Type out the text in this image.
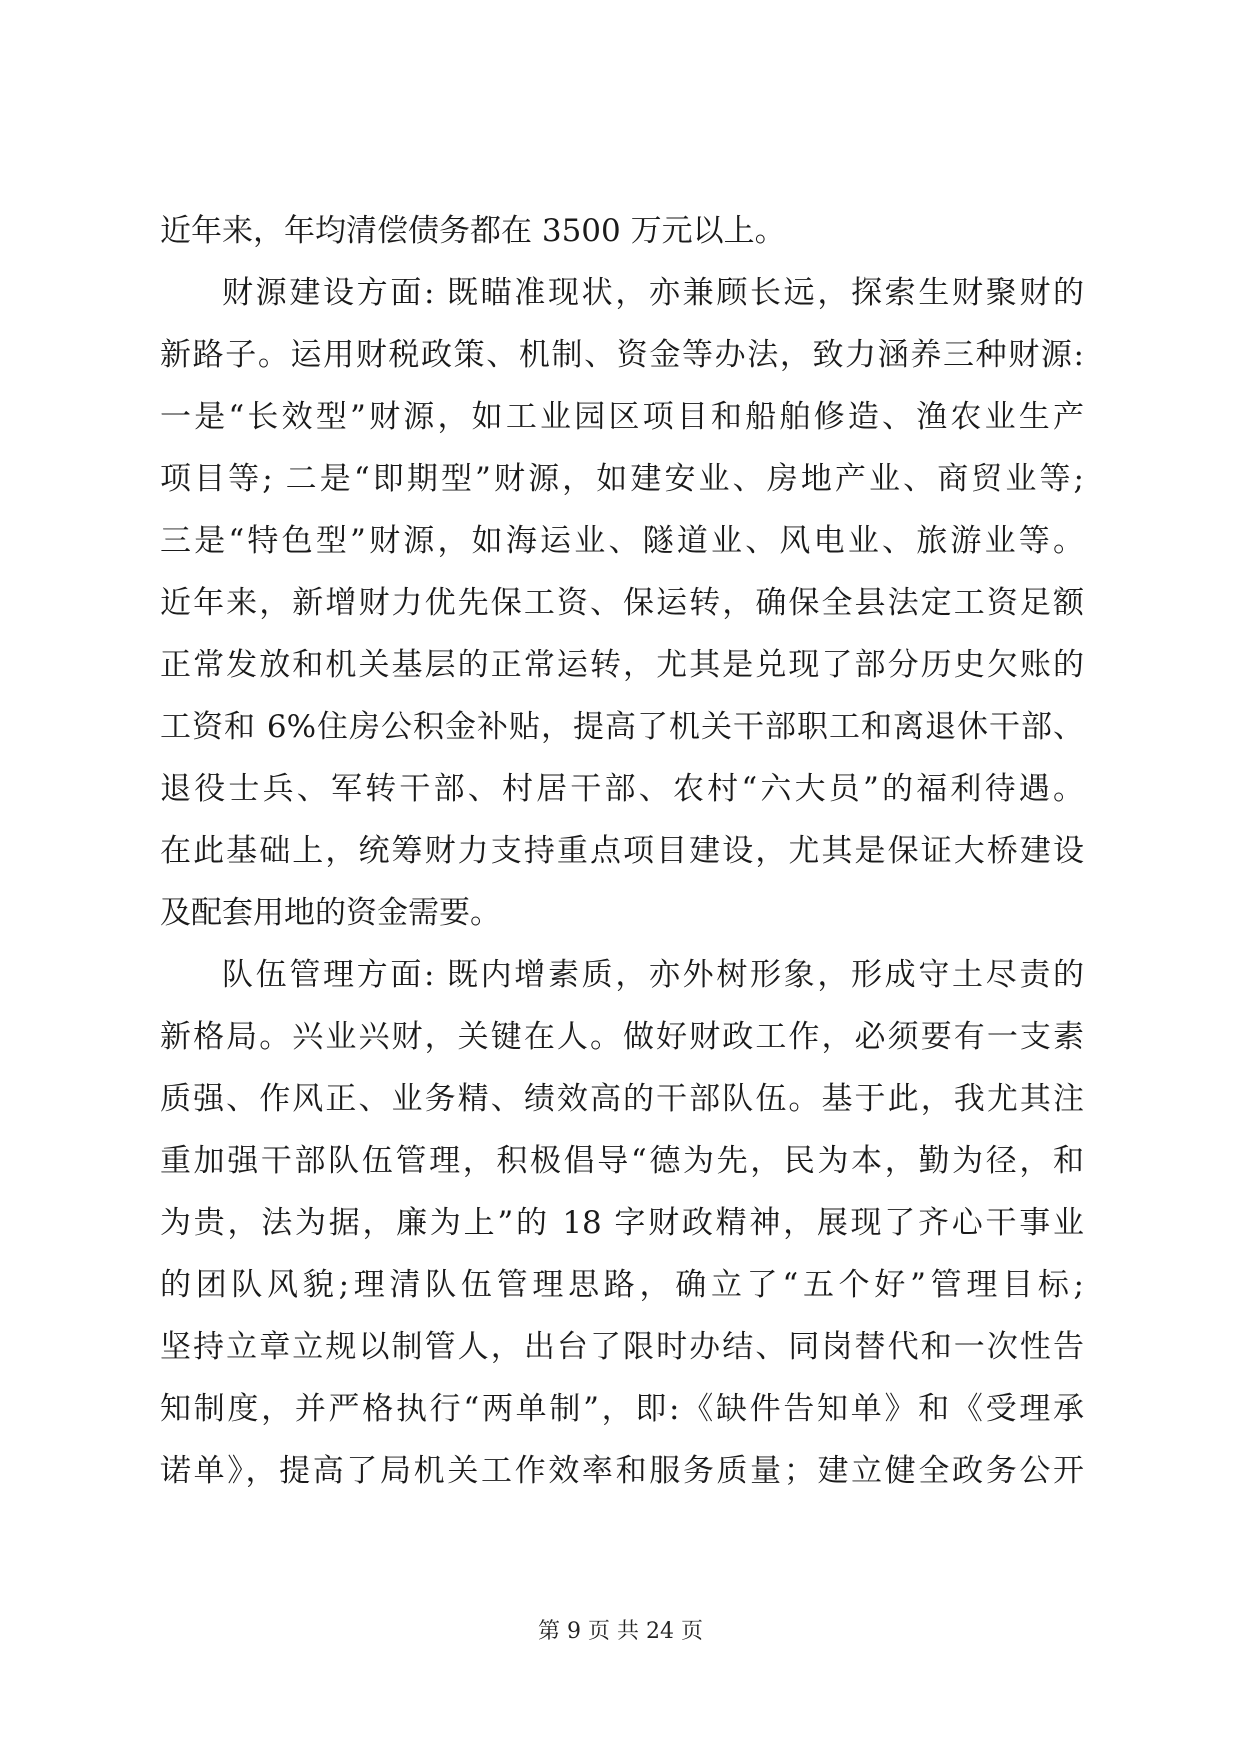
近年来，年均清偿债务都在 3500 万元以上。
财源建设方面: 既瞄准现状，亦兼顾长远，探索生财聚财的
新路子。运用财税政策、机制、资金等办法，致力涵养三种财源:
一是“长效型”财源，如工业园区项目和船舶修造、渔农业生产
项目等; 二是“即期型”财源，如建安业、房地产业、商贸业等;
三是“特色型”财源，如海运业、隧道业、风电业、旅游业等。
近年来，新增财力优先保工资、保运转，确保全县法定工资足额
正常发放和机关基层的正常运转，尤其是兑现了部分历史欠账的
工资和 6%住房公积金补贴，提高了机关干部职工和离退休干部、
退役士兵、军转干部、村居干部、农村“六大员”的福利待遇。
在此基础上，统筹财力支持重点项目建设，尤其是保证大桥建设
及配套用地的资金需要。
队伍管理方面: 既内增素质，亦外树形象，形成守土尽责的
新格局。兴业兴财，关键在人。做好财政工作，必须要有一支素
质强、作风正、业务精、绩效高的干部队伍。基于此，我尤其注
重加强干部队伍管理，积极倡导“德为先，民为本，勤为径，和
为贵，法为据，廉为上”的 18 字财政精神，展现了齐心干事业
的团队风貌;理清队伍管理思路，确立了“五个好”管理目标;
坚持立章立规以制管人，出台了限时办结、同岗替代和一次性告
知制度，并严格执行“两单制”，即:《缺件告知单》和《受理承
诺单》，提高了局机关工作效率和服务质量；建立健全政务公开
第 9 页 共 24 页
